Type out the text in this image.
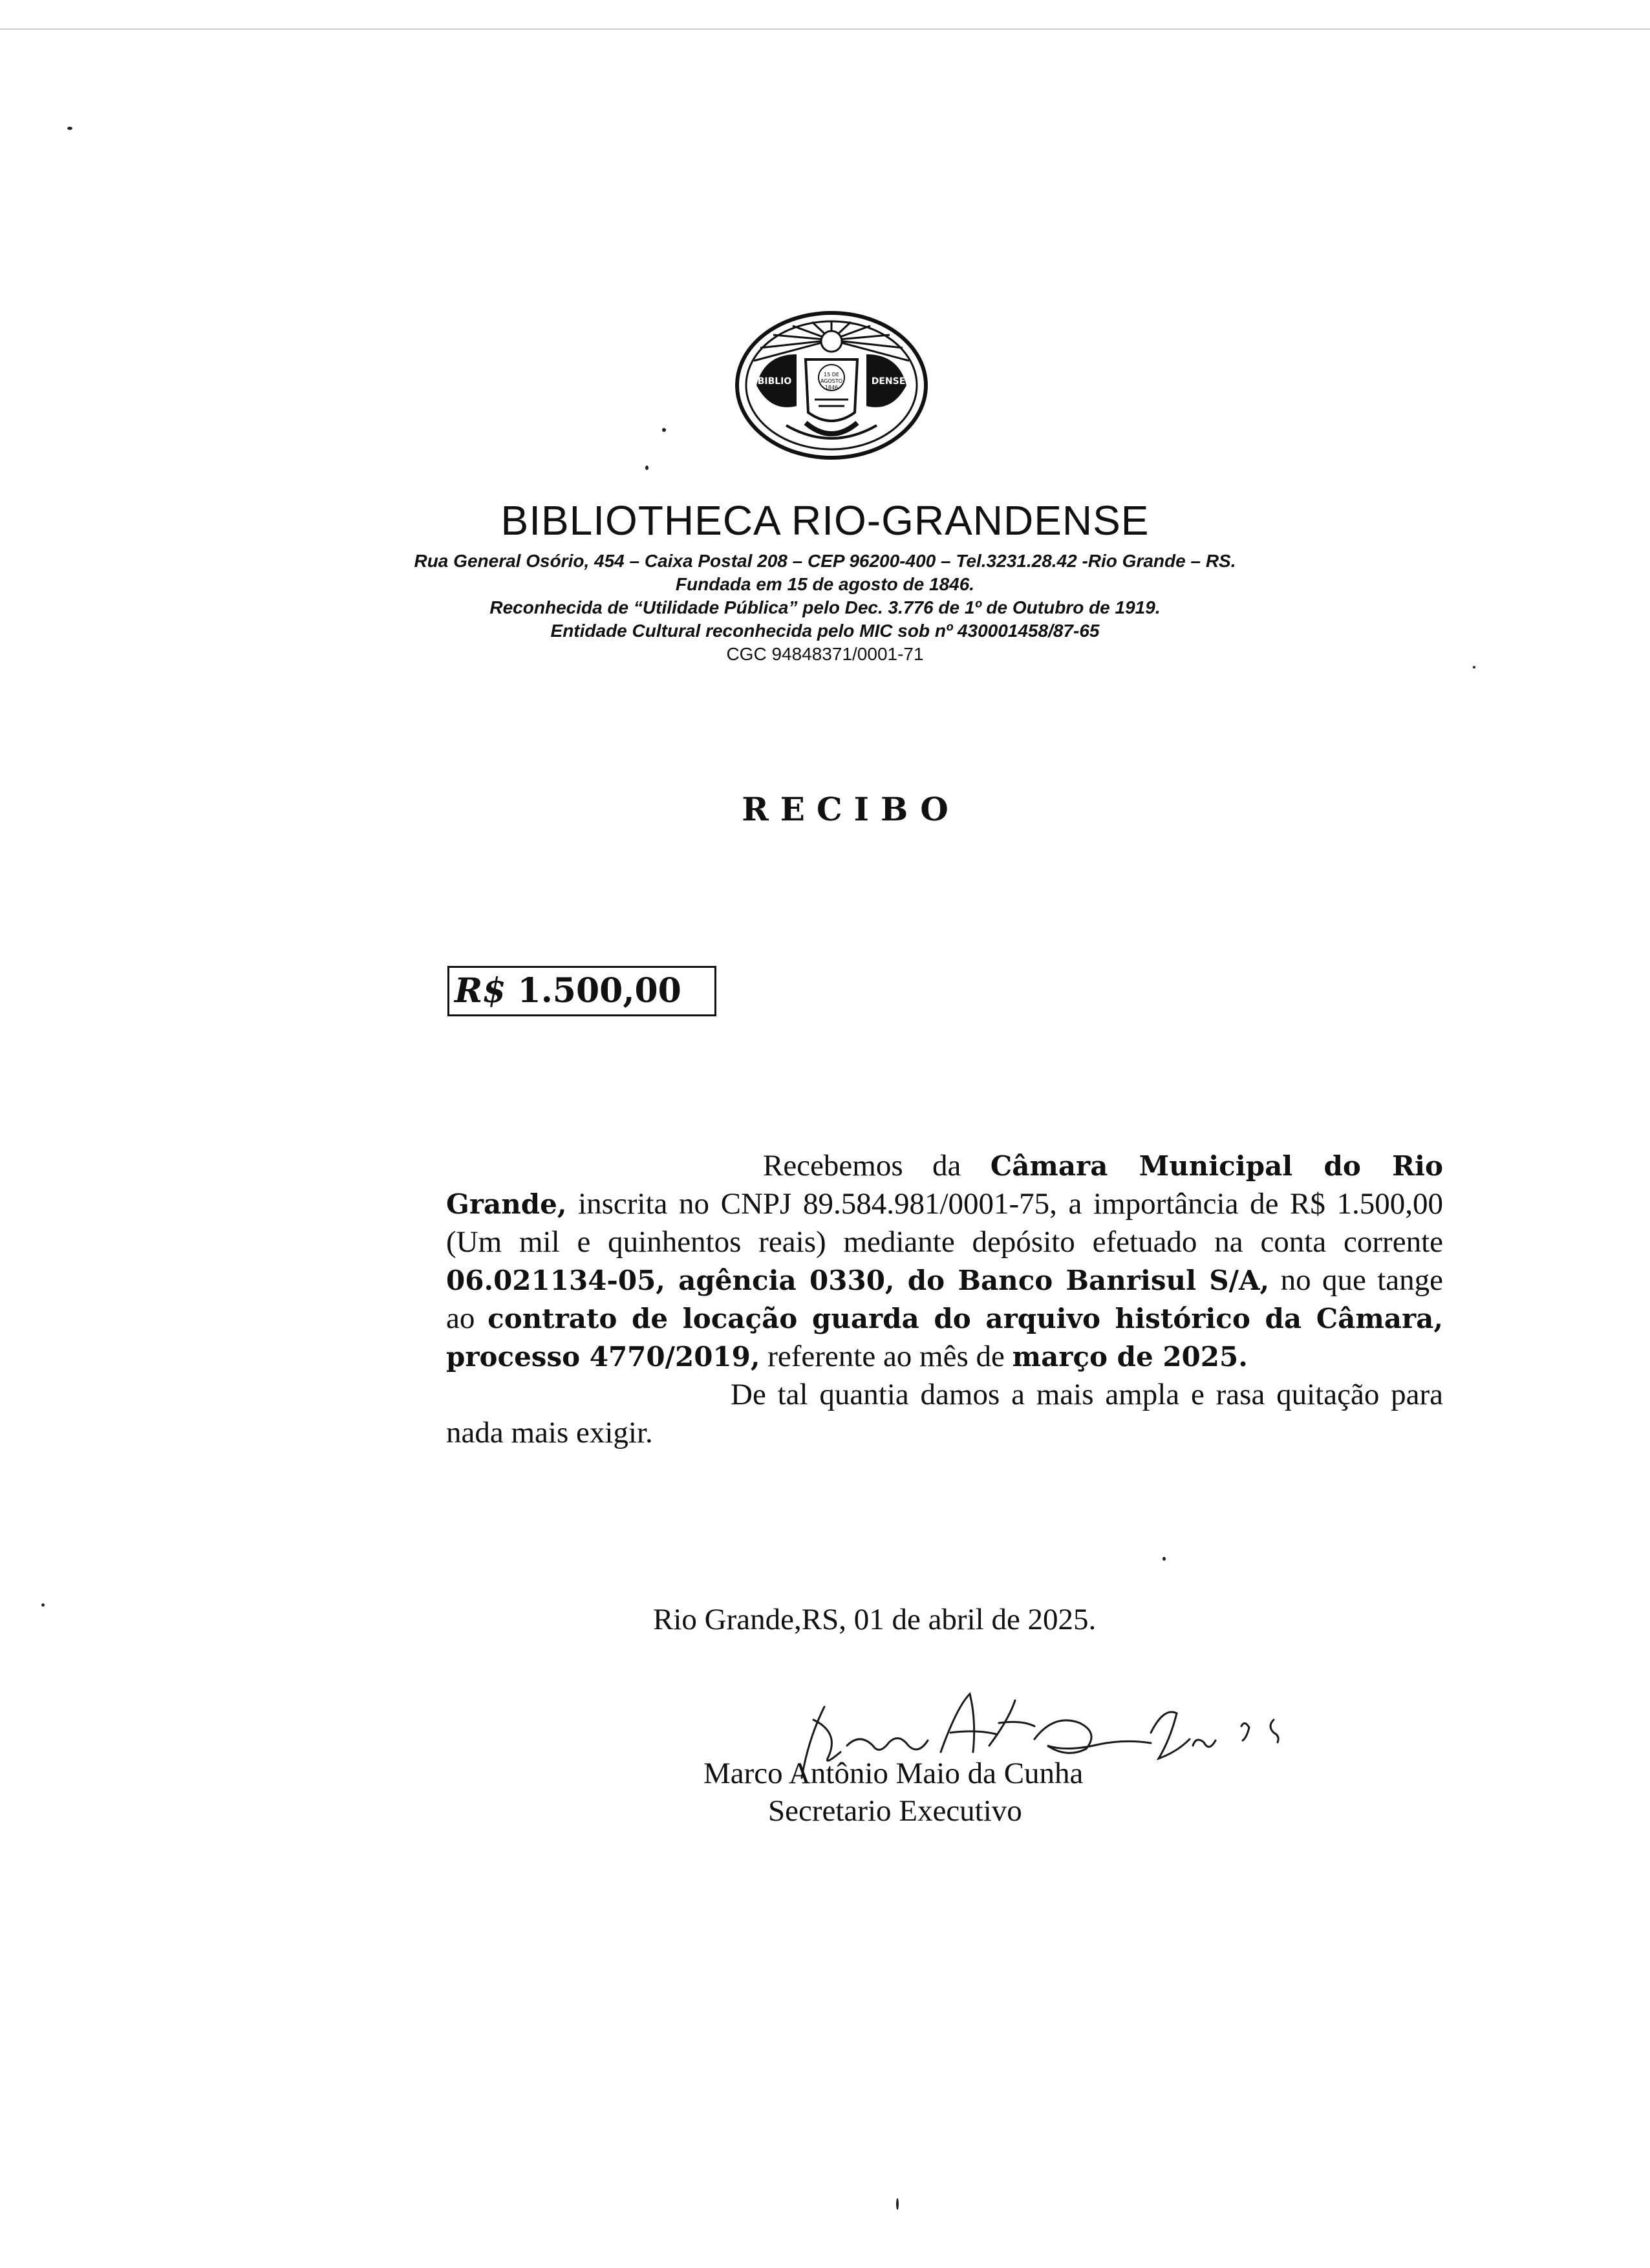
15 DE
AGOSTO
1846
BIBLIO	DENSE
BIBLIOTHECA RIO-GRANDENSE
Rua General Osório, 454 – Caixa Postal 208 – CEP 96200-400 – Tel.3231.28.42 -Rio Grande – RS.
Fundada em 15 de agosto de 1846.
Reconhecida de “Utilidade Pública” pelo Dec. 3.776 de 1º de Outubro de 1919.
Entidade Cultural reconhecida pelo MIC sob nº 430001458/87-65
CGC 94848371/0001-71
RECIBO
R$ 1.500,00

Recebemos da Câmara Municipal do Rio Grande, inscrita no CNPJ 89.584.981/0001-75, a importância de R$ 1.500,00 (Um mil e quinhentos reais) mediante depósito efetuado na conta corrente 06.021134-05, agência 0330, do Banco Banrisul S/A, no que tange ao contrato de locação guarda do arquivo histórico da Câmara, processo 4770/2019, referente ao mês de março de 2025.

De tal quantia damos a mais ampla e rasa quitação para nada mais exigir.

Rio Grande,RS, 01 de abril de 2025.
Marco Antônio Maio da Cunha
Secretario Executivo
